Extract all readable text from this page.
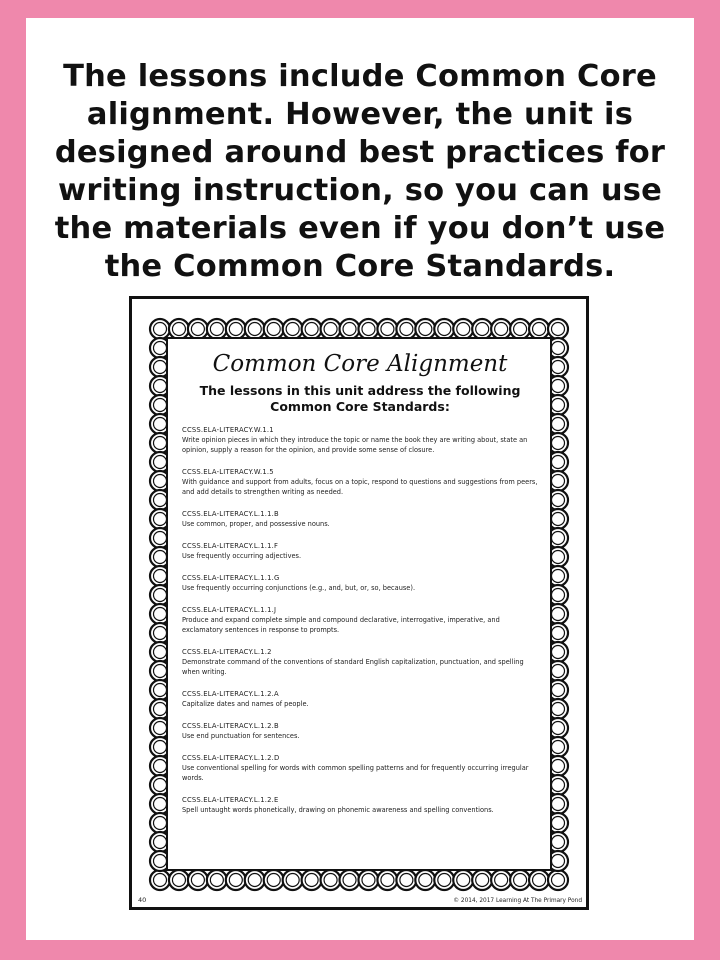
The lessons include Common Core alignment. However, the unit is designed around best practices for writing instruction, so you can use the materials even if you don’t use the Common Core Standards.
Common Core Alignment
The lessons in this unit address the following Common Core Standards:
CCSS.ELA-LITERACY.W.1.1
Write opinion pieces in which they introduce the topic or name the book they are writing about, state an opinion, supply a reason for the opinion, and provide some sense of closure.
CCSS.ELA-LITERACY.W.1.5
With guidance and support from adults, focus on a topic, respond to questions and suggestions from peers, and add details to strengthen writing as needed.
CCSS.ELA-LITERACY.L.1.1.B
Use common, proper, and possessive nouns.
CCSS.ELA-LITERACY.L.1.1.F
Use frequently occurring adjectives.
CCSS.ELA-LITERACY.L.1.1.G
Use frequently occurring conjunctions (e.g., and, but, or, so, because).
CCSS.ELA-LITERACY.L.1.1.J
Produce and expand complete simple and compound declarative, interrogative, imperative, and exclamatory sentences in response to prompts.
CCSS.ELA-LITERACY.L.1.2
Demonstrate command of the conventions of standard English capitalization, punctuation, and spelling when writing.
CCSS.ELA-LITERACY.L.1.2.A
Capitalize dates and names of people.
CCSS.ELA-LITERACY.L.1.2.B
Use end punctuation for sentences.
CCSS.ELA-LITERACY.L.1.2.D
Use conventional spelling for words with common spelling patterns and for frequently occurring irregular words.
CCSS.ELA-LITERACY.L.1.2.E
Spell untaught words phonetically, drawing on phonemic awareness and spelling conventions.
40	© 2014, 2017 Learning At The Primary Pond
